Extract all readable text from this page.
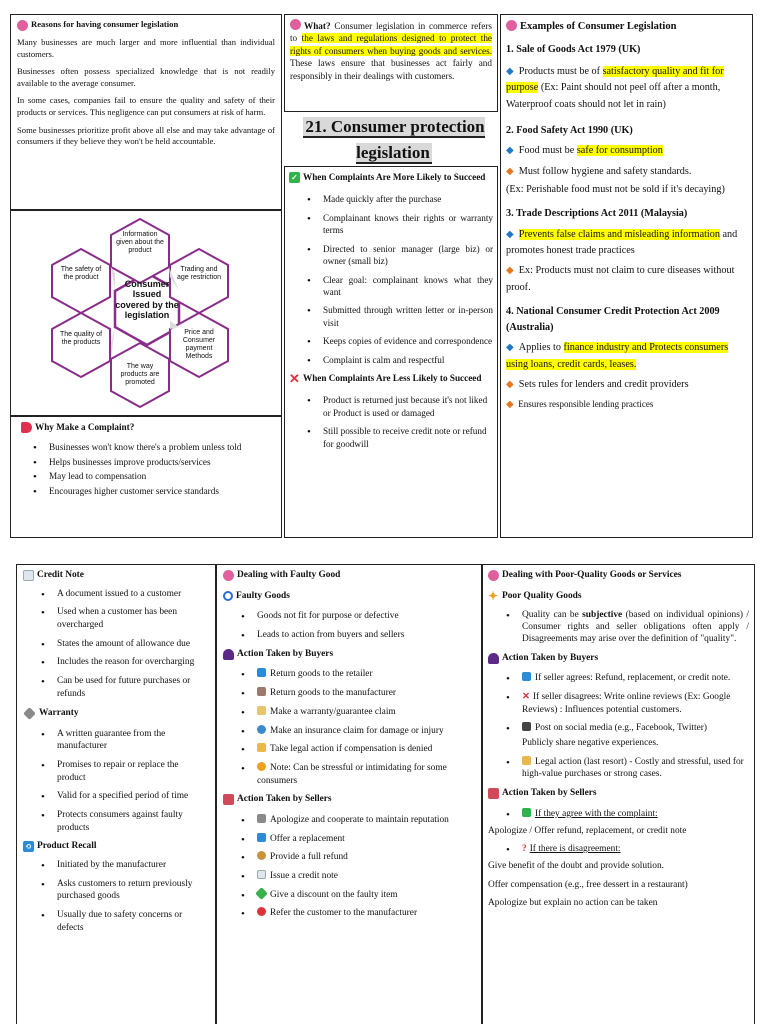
Reasons for having consumer legislation
Many businesses are much larger and more influential than individual customers.
Businesses often possess specialized knowledge that is not readily available to the average consumer.
In some cases, companies fail to ensure the quality and safety of their products or services. This negligence can put consumers at risk of harm.
Some businesses prioritize profit above all else and may take advantage of consumers if they believe they won't be held accountable.
Consumer Issued covered by the legislation
Information given about the product
Trading and age restriction
Price and Consumer payment Methods
The way products are promoted
The quality of the products
The safety of the product
Why Make a Complaint?
• Businesses won't know there's a problem unless told
• Helps businesses improve products/services
• May lead to compensation
• Encourages higher customer service standards
What? Consumer legislation in commerce refers to the laws and regulations designed to protect the rights of consumers when buying goods and services. These laws ensure that businesses act fairly and responsibly in their dealings with customers.
21. Consumer protection legislation
✓ When Complaints Are More Likely to Succeed
• Made quickly after the purchase
• Complainant knows their rights or warranty terms
• Directed to senior manager (large biz) or owner (small biz)
• Clear goal: complainant knows what they want
• Submitted through written letter or in-person visit
• Keeps copies of evidence and correspondence
• Complaint is calm and respectful
✕ When Complaints Are Less Likely to Succeed
• Product is returned just because it's not liked or Product is used or damaged
• Still possible to receive credit note or refund for goodwill
Examples of Consumer Legislation
1. Sale of Goods Act 1979 (UK)
◆ Products must be of satisfactory quality and fit for purpose (Ex: Paint should not peel off after a month, Waterproof coats should not let in rain)
2. Food Safety Act 1990 (UK)
◆ Food must be safe for consumption
◆ Must follow hygiene and safety standards.
(Ex: Perishable food must not be sold if it's decaying)
3. Trade Descriptions Act 2011 (Malaysia)
◆ Prevents false claims and misleading information and promotes honest trade practices
◆ Ex: Products must not claim to cure diseases without proof.
4. National Consumer Credit Protection Act 2009 (Australia)
◆ Applies to finance industry and Protects consumers using loans, credit cards, leases.
◆ Sets rules for lenders and credit providers
◆ Ensures responsible lending practices
Credit Note
• A document issued to a customer
• Used when a customer has been overcharged
• States the amount of allowance due
• Includes the reason for overcharging
• Can be used for future purchases or refunds
Warranty
• A written guarantee from the manufacturer
• Promises to repair or replace the product
• Valid for a specified period of time
• Protects consumers against faulty products
⟲ Product Recall
• Initiated by the manufacturer
• Asks customers to return previously purchased goods
• Usually due to safety concerns or defects
Dealing with Faulty Good
Faulty Goods
• Goods not fit for purpose or defective
• Leads to action from buyers and sellers
Action Taken by Buyers
• Return goods to the retailer
• Return goods to the manufacturer
• Make a warranty/guarantee claim
• Make an insurance claim for damage or injury
• Take legal action if compensation is denied
• Note: Can be stressful or intimidating for some consumers
Action Taken by Sellers
• Apologize and cooperate to maintain reputation
• Offer a replacement
• Provide a full refund
• Issue a credit note
• Give a discount on the faulty item
• Refer the customer to the manufacturer
Dealing with Poor-Quality Goods or Services
✦ Poor Quality Goods
• Quality can be subjective (based on individual opinions) / Consumer rights and seller obligations often apply / Disagreements may arise over the definition of "quality".
Action Taken by Buyers
• If seller agrees: Refund, replacement, or credit note.
• ✕ If seller disagrees: Write online reviews (Ex: Google Reviews) : Influences potential customers.
• Post on social media (e.g., Facebook, Twitter)
Publicly share negative experiences.
• Legal action (last resort) - Costly and stressful, used for high-value purchases or strong cases.
Action Taken by Sellers
• If they agree with the complaint:
Apologize / Offer refund, replacement, or credit note
• ? If there is disagreement:
Give benefit of the doubt and provide solution.
Offer compensation (e.g., free dessert in a restaurant)
Apologize but explain no action can be taken
